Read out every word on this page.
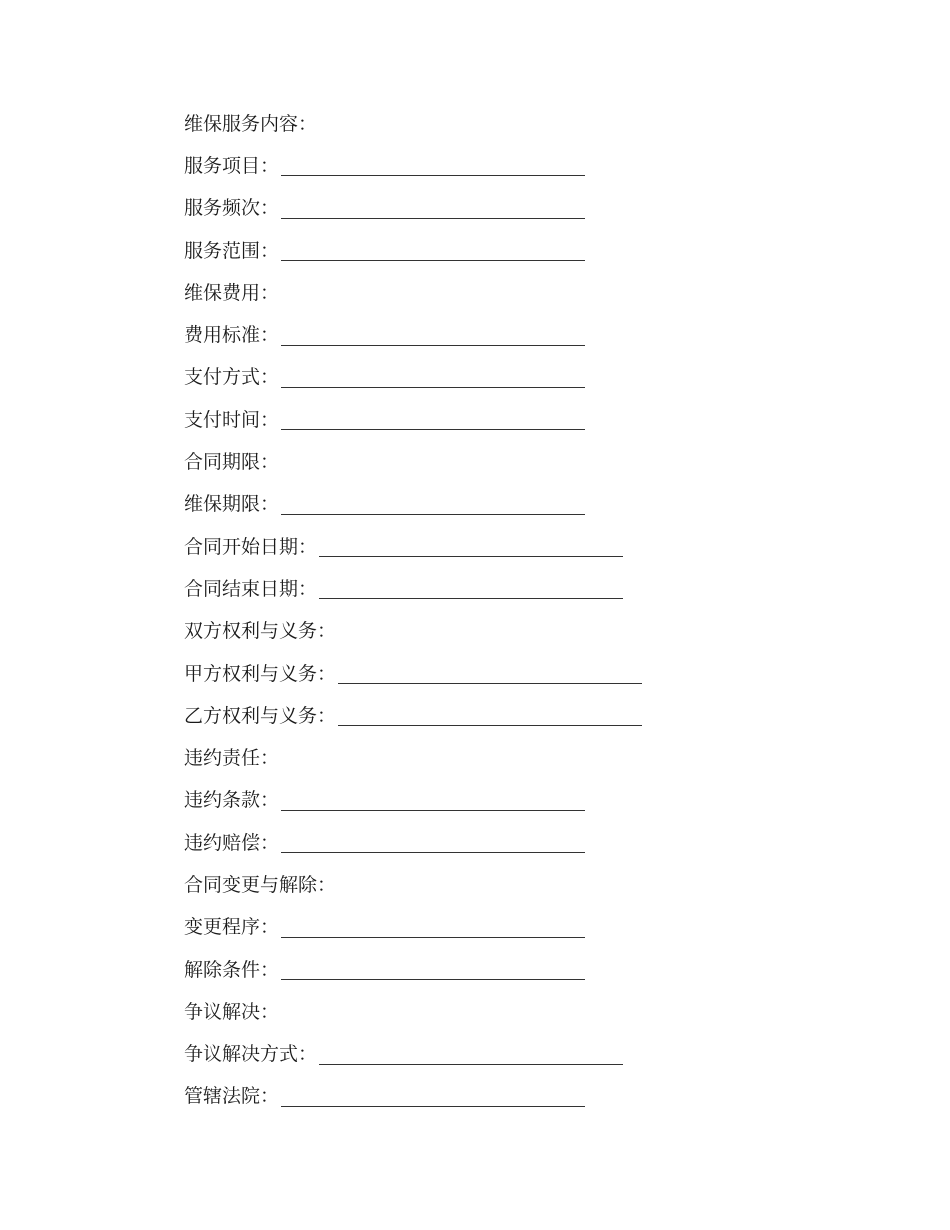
维保服务内容：
服务项目：
服务频次：
服务范围：
维保费用：
费用标准：
支付方式：
支付时间：
合同期限：
维保期限：
合同开始日期：
合同结束日期：
双方权利与义务：
甲方权利与义务：
乙方权利与义务：
违约责任：
违约条款：
违约赔偿：
合同变更与解除：
变更程序：
解除条件：
争议解决：
争议解决方式：
管辖法院：
